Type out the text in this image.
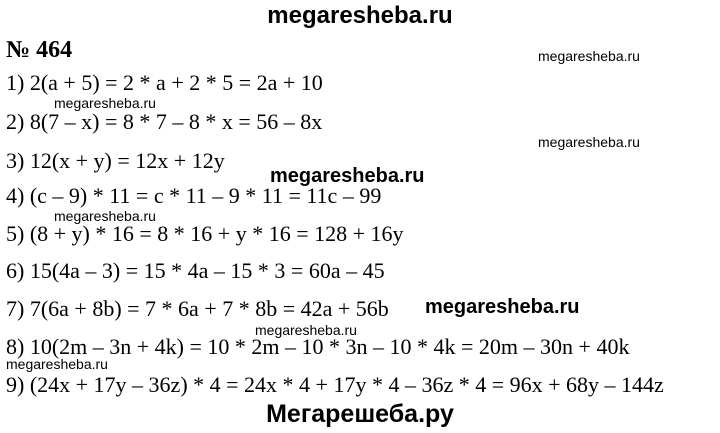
megaresheba.ru
№ 464
1) 2(a + 5) = 2 * a + 2 * 5 = 2a + 10
2) 8(7 – x) = 8 * 7 – 8 * x = 56 – 8x
3) 12(x + y) = 12x + 12y
4) (c – 9) * 11 = c * 11 – 9 * 11 = 11c – 99
5) (8 + y) * 16 = 8 * 16 + y * 16 = 128 + 16y
6) 15(4a – 3) = 15 * 4a – 15 * 3 = 60a – 45
7) 7(6a + 8b) = 7 * 6a + 7 * 8b = 42a + 56b
8) 10(2m – 3n + 4k) = 10 * 2m – 10 * 3n – 10 * 4k = 20m – 30n + 40k
9) (24x + 17y – 36z) * 4 = 24x * 4 + 17y * 4 – 36z * 4 = 96x + 68y – 144z
megaresheba.ru
megaresheba.ru
megaresheba.ru
megaresheba.ru
megaresheba.ru
megaresheba.ru
megaresheba.ru
megaresheba.ru
Мегарешеба.ру
